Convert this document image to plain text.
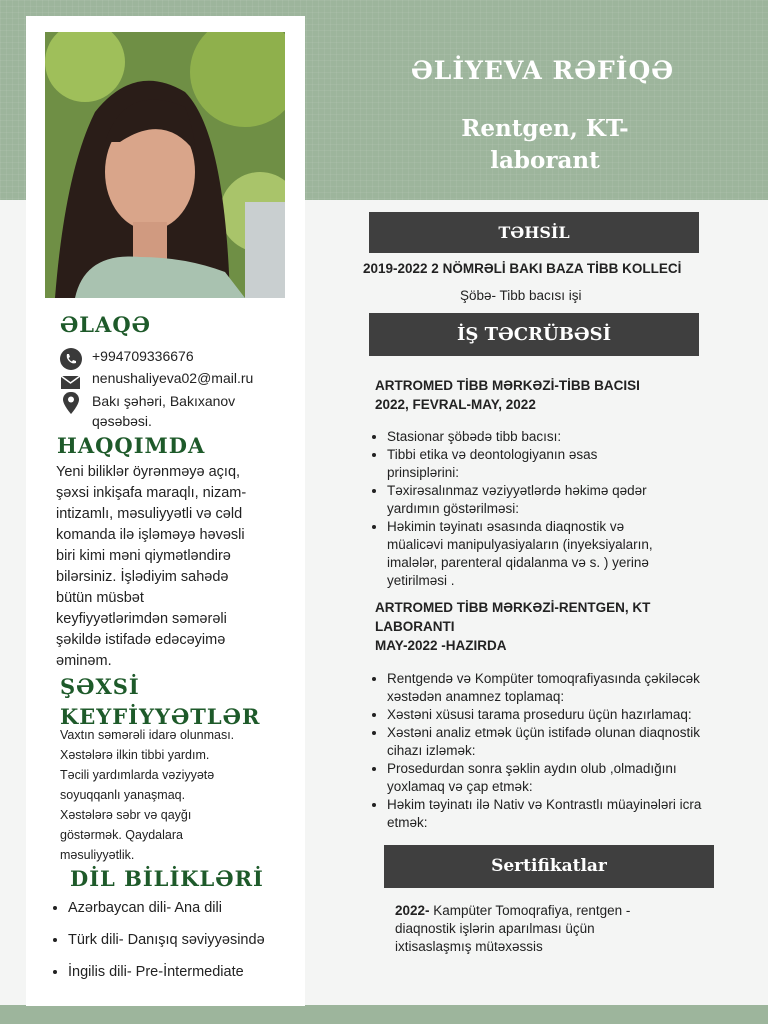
ƏLİYEVA RƏFİQƏ
Rentgen, KT-
laborant
ƏLAQƏ
+994709336676
nenushaliyeva02@mail.ru
Bakı şəhəri, Bakıxanov
qəsəbəsi.
HAQQIMDA
Yeni biliklər öyrənməyə açıq,
şəxsi inkişafa maraqlı, nizam-
intizamlı, məsuliyyətli və cəld
komanda ilə işləməyə həvəsli
biri kimi məni qiymətləndirə
bilərsiniz. İşlədiyim sahədə
bütün müsbət
keyfiyyətlərimdən səmərəli
şəkildə istifadə edəcəyimə
əminəm.
ŞƏXSİ
KEYFİYYƏTLƏR
Vaxtın səmərəli idarə olunması.
Xəstələrə ilkin tibbi yardım.
Təcili yardımlarda vəziyyətə
soyuqqanlı yanaşmaq.
Xəstələrə səbr və qayğı
göstərmək. Qaydalara
məsuliyyətlik.
DİL BİLİKLƏRİ
• Azərbaycan dili- Ana dili
• Türk dili- Danışıq səviyyəsində
• İngilis dili- Pre-İntermediate
TƏHSİL
2019-2022 2 NÖMRƏLİ BAKI BAZA TİBB KOLLECİ
Şöbə- Tibb bacısı işi
İŞ TƏCRÜBƏSİ
ARTROMED TİBB MƏRKƏZİ-TİBB BACISI
2022, FEVRAL-MAY, 2022
• Stasionar şöbədə tibb bacısı:
• Tibbi etika və deontologiyanın əsas
prinsiplərini:
• Təxirəsalınmaz vəziyyətlərdə həkimə qədər
yardımın göstərilməsi:
• Həkimin təyinatı əsasında diaqnostik və
müalicəvi manipulyasiyaların (inyeksiyaların,
imalələr, parenteral qidalanma və s. ) yerinə
yetirilməsi .
ARTROMED TİBB MƏRKƏZİ-RENTGEN, KT
LABORANTI
MAY-2022 -HAZIRDA
• Rentgendə və Kompüter tomoqrafiyasında çəkiləcək
xəstədən anamnez toplamaq:
• Xəstəni xüsusi tarama proseduru üçün hazırlamaq:
• Xəstəni analiz etmək üçün istifadə olunan diaqnostik
cihazı izləmək:
• Prosedurdan sonra şəklin aydın olub ,olmadığını
yoxlamaq və çap etmək:
• Həkim təyinatı ilə Nativ və Kontrastlı müayinələri icra
etmək:
Sertifikatlar
2022- Kampüter Tomoqrafiya, rentgen -
diaqnostik işlərin aparılması üçün
ixtisaslaşmış mütəxəssis
